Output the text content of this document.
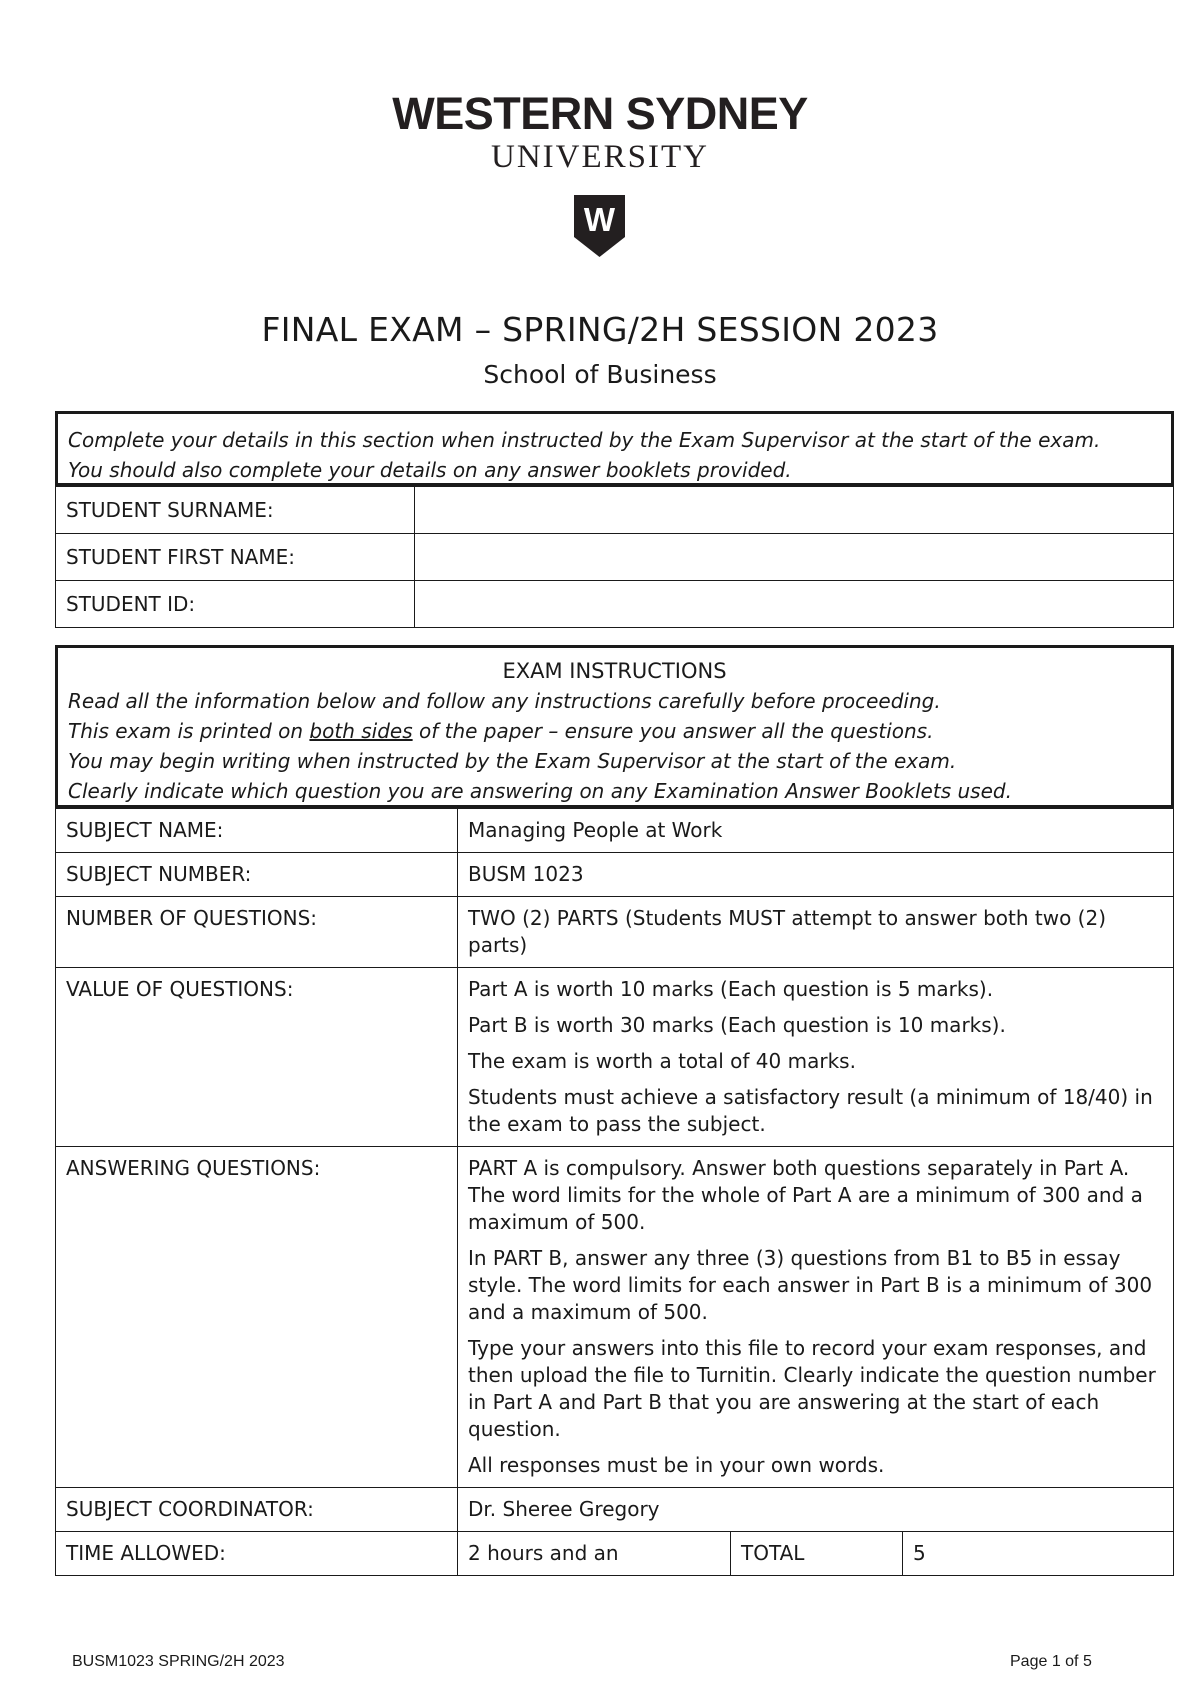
WESTERN SYDNEY
UNIVERSITY
W
FINAL EXAM – SPRING/2H SESSION 2023
School of Business
Complete your details in this section when instructed by the Exam Supervisor at the start of the exam.
You should also complete your details on any answer booklets provided.
STUDENT SURNAME:	
STUDENT FIRST NAME:	
STUDENT ID:	
EXAM INSTRUCTIONS
Read all the information below and follow any instructions carefully before proceeding.
This exam is printed on both sides of the paper – ensure you answer all the questions.
You may begin writing when instructed by the Exam Supervisor at the start of the exam.
Clearly indicate which question you are answering on any Examination Answer Booklets used.
SUBJECT NAME:	Managing People at Work		
SUBJECT NUMBER:	BUSM 1023		
NUMBER OF QUESTIONS:	TWO (2) PARTS (Students MUST attempt to answer both two (2) parts)		
VALUE OF QUESTIONS:	Part A is worth 10 marks (Each question is 5 marks).

Part B is worth 30 marks (Each question is 10 marks).

The exam is worth a total of 40 marks.

Students must achieve a satisfactory result (a minimum of 18/40) in the exam to pass the subject.		

ANSWERING QUESTIONS:	PART A is compulsory. Answer both questions separately in Part A. The word limits for the whole of Part A are a minimum of 300 and a maximum of 500.

In PART B, answer any three (3) questions from B1 to B5 in essay style. The word limits for each answer in Part B is a minimum of 300 and a maximum of 500.

Type your answers into this file to record your exam responses, and then upload the file to Turnitin. Clearly indicate the question number in Part A and Part B that you are answering at the start of each question.

All responses must be in your own words.		

SUBJECT COORDINATOR:	Dr. Sheree Gregory		
TIME ALLOWED:	2 hours and an	TOTAL	5
BUSM1023 SPRING/2H 2023	Page 1 of 5
